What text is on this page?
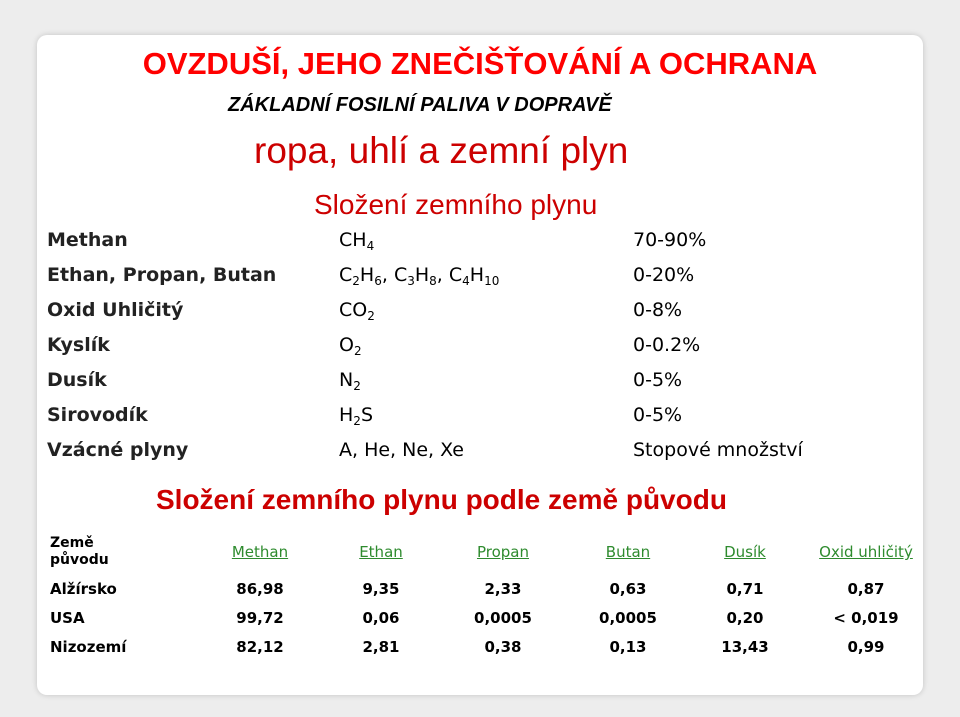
OVZDUŠÍ, JEHO ZNEČIŠŤOVÁNÍ A OCHRANA
ZÁKLADNÍ FOSILNÍ PALIVA V DOPRAVĚ
ropa, uhlí a zemní plyn
Složení zemního plynu
Methan	$CH_4$	70-90%
Ethan, Propan, Butan	$C_2H_6$, $C_3H_8$, $C_4H_{10}$	0-20%
Oxid Uhličitý	$CO_2$	0-8%
Kyslík	$O_2$	0-0.2%
Dusík	$N_2$	0-5%
Sirovodík	$H_2S$	0-5%
Vzácné plyny	A, He, Ne, Xe	Stopové množství
Složení zemního plynu podle země původu
Země
původu	Methan	Ethan	Propan	Butan	Dusík	Oxid uhličitý
Alžírsko	86,98	9,35	2,33	0,63	0,71	0,87
USA	99,72	0,06	0,0005	0,0005	0,20	< 0,019
Nizozemí	82,12	2,81	0,38	0,13	13,43	0,99
